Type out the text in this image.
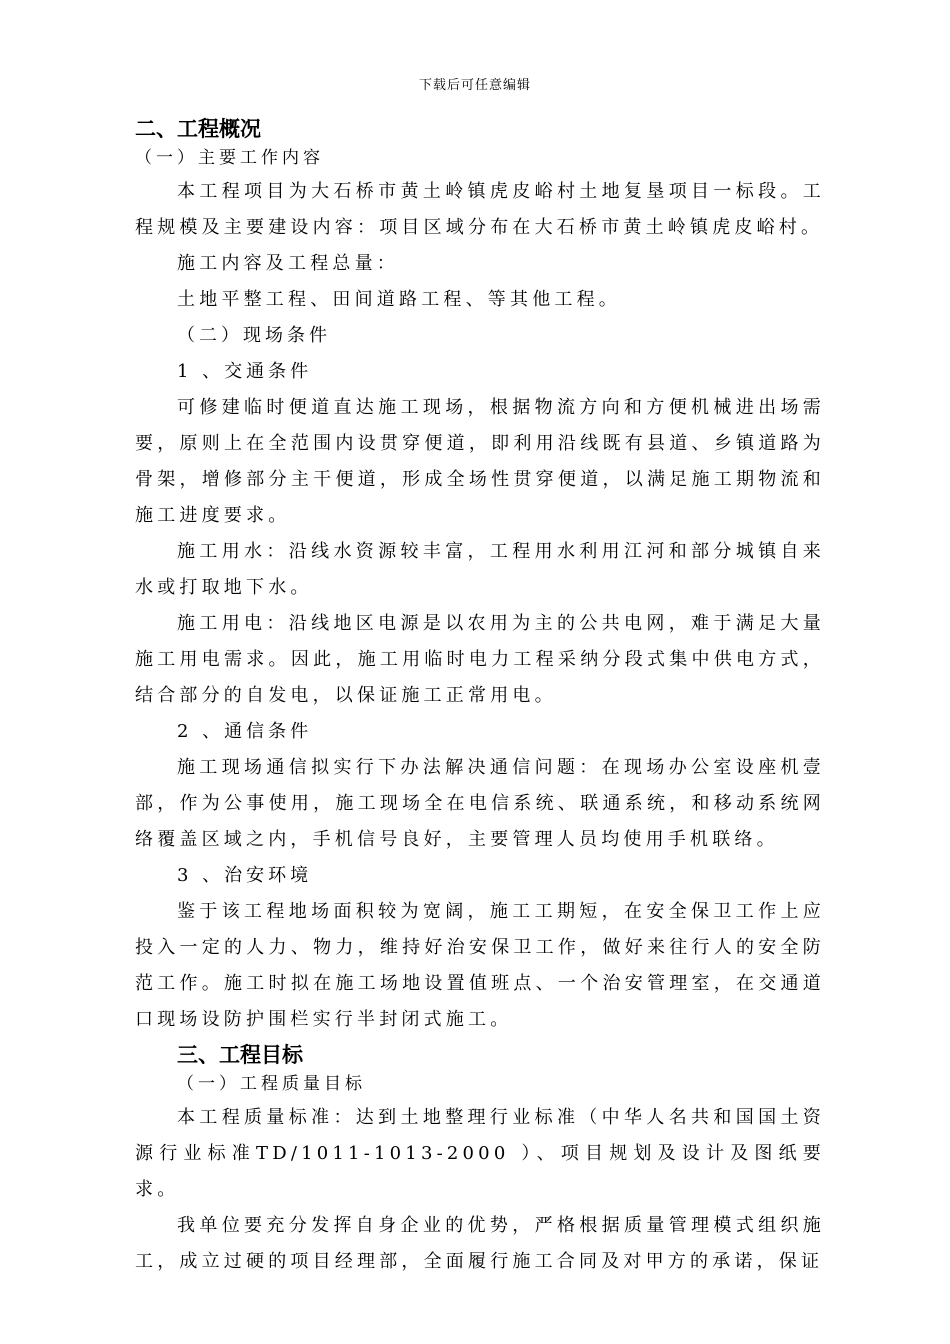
下载后可任意编辑
二、工程概况
（一）主要工作内容

本工程项目为大石桥市黄土岭镇虎皮峪村土地复垦项目一标段。工程规模及主要建设内容：项目区域分布在大石桥市黄土岭镇虎皮峪村。

施工内容及工程总量：

土地平整工程、田间道路工程、等其他工程。

（二）现场条件

1 、交通条件

可修建临时便道直达施工现场，根据物流方向和方便机械进出场需要，原则上在全范围内设贯穿便道，即利用沿线既有县道、乡镇道路为骨架，增修部分主干便道，形成全场性贯穿便道，以满足施工期物流和施工进度要求。

施工用水：沿线水资源较丰富，工程用水利用江河和部分城镇自来水或打取地下水。

施工用电：沿线地区电源是以农用为主的公共电网，难于满足大量施工用电需求。因此，施工用临时电力工程采纳分段式集中供电方式，结合部分的自发电，以保证施工正常用电。

2 、通信条件

施工现场通信拟实行下办法解决通信问题：在现场办公室设座机壹部，作为公事使用，施工现场全在电信系统、联通系统，和移动系统网络覆盖区域之内，手机信号良好，主要管理人员均使用手机联络。

3 、治安环境

鉴于该工程地场面积较为宽阔，施工工期短，在安全保卫工作上应投入一定的人力、物力，维持好治安保卫工作，做好来往行人的安全防范工作。施工时拟在施工场地设置值班点、一个治安管理室，在交通道口现场设防护围栏实行半封闭式施工。

三、工程目标
（一）工程质量目标

本工程质量标准：达到土地整理行业标准（中华人名共和国国土资源行业标准TD/1011-1013-2000 ）、项目规划及设计及图纸要求。

我单位要充分发挥自身企业的优势，严格根据质量管理模式组织施工，成立过硬的项目经理部，全面履行施工合同及对甲方的承诺，保证
